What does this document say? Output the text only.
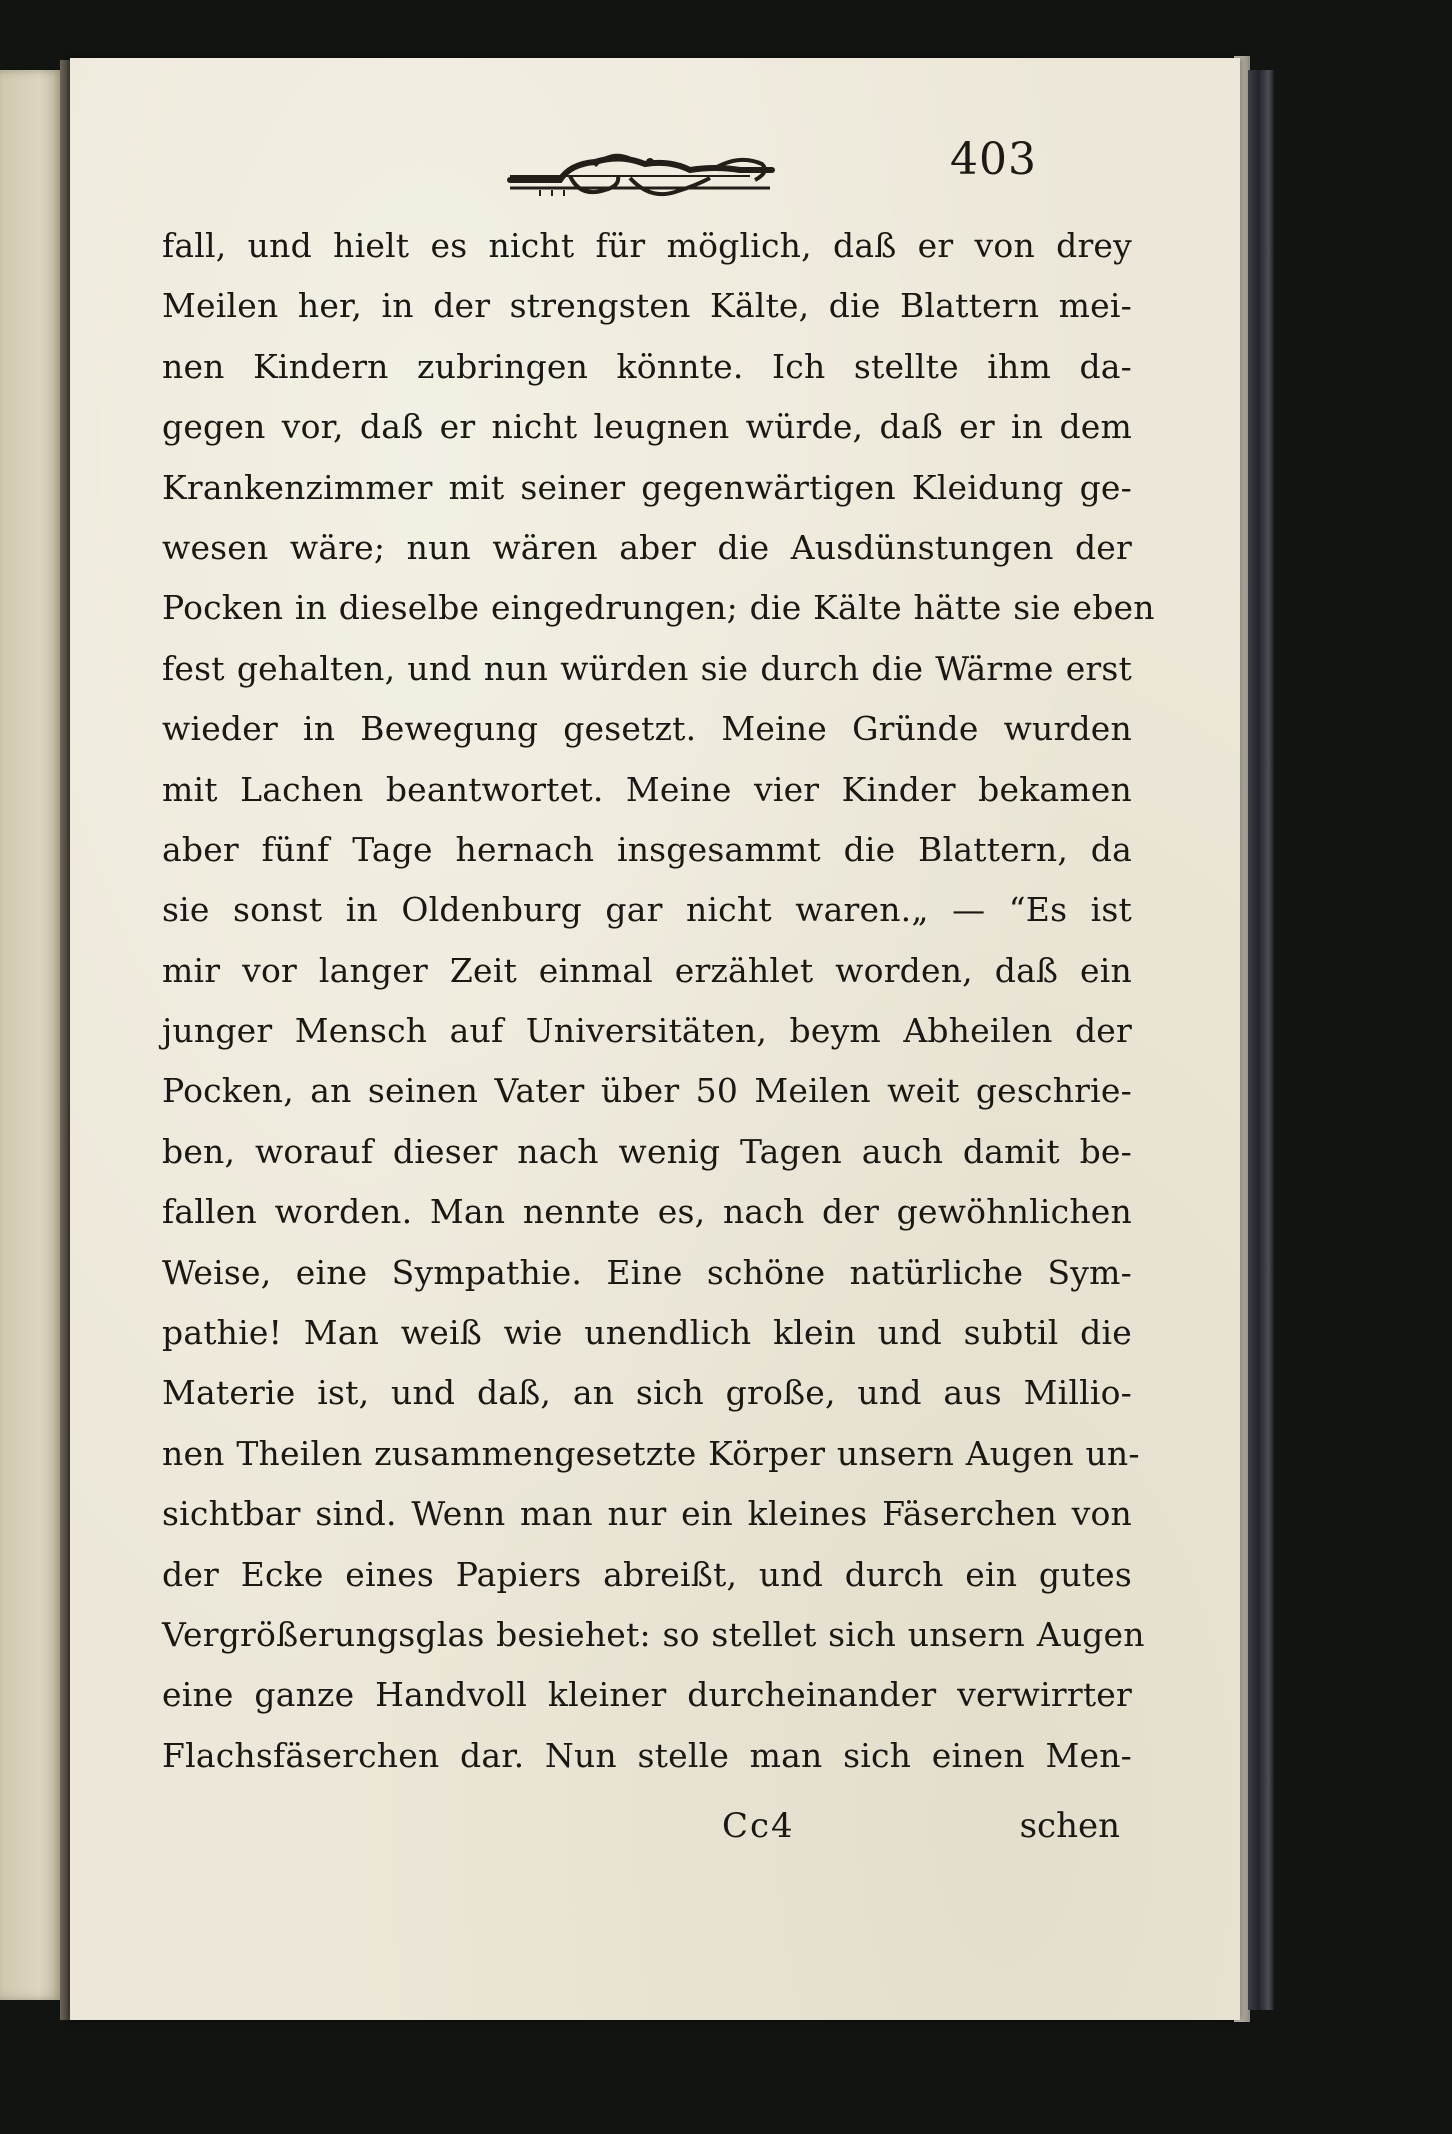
403
fall, und hielt es nicht für möglich, daß er von drey
Meilen her, in der strengsten Kälte, die Blattern mei-
nen Kindern zubringen könnte. Ich stellte ihm da-
gegen vor, daß er nicht leugnen würde, daß er in dem
Krankenzimmer mit seiner gegenwärtigen Kleidung ge-
wesen wäre; nun wären aber die Ausdünstungen der
Pocken in dieselbe eingedrungen; die Kälte hätte sie eben
fest gehalten, und nun würden sie durch die Wärme erst
wieder in Bewegung gesetzt. Meine Gründe wurden
mit Lachen beantwortet. Meine vier Kinder bekamen
aber fünf Tage hernach insgesammt die Blattern, da
sie sonst in Oldenburg gar nicht waren.„ — “Es ist
mir vor langer Zeit einmal erzählet worden, daß ein
junger Mensch auf Universitäten, beym Abheilen der
Pocken, an seinen Vater über 50 Meilen weit geschrie-
ben, worauf dieser nach wenig Tagen auch damit be-
fallen worden. Man nennte es, nach der gewöhnlichen
Weise, eine Sympathie. Eine schöne natürliche Sym-
pathie! Man weiß wie unendlich klein und subtil die
Materie ist, und daß, an sich große, und aus Millio-
nen Theilen zusammengesetzte Körper unsern Augen un-
sichtbar sind. Wenn man nur ein kleines Fäserchen von
der Ecke eines Papiers abreißt, und durch ein gutes
Vergrößerungsglas besiehet: so stellet sich unsern Augen
eine ganze Handvoll kleiner durcheinander verwirrter
Flachsfäserchen dar. Nun stelle man sich einen Men-
Cc4	schen
